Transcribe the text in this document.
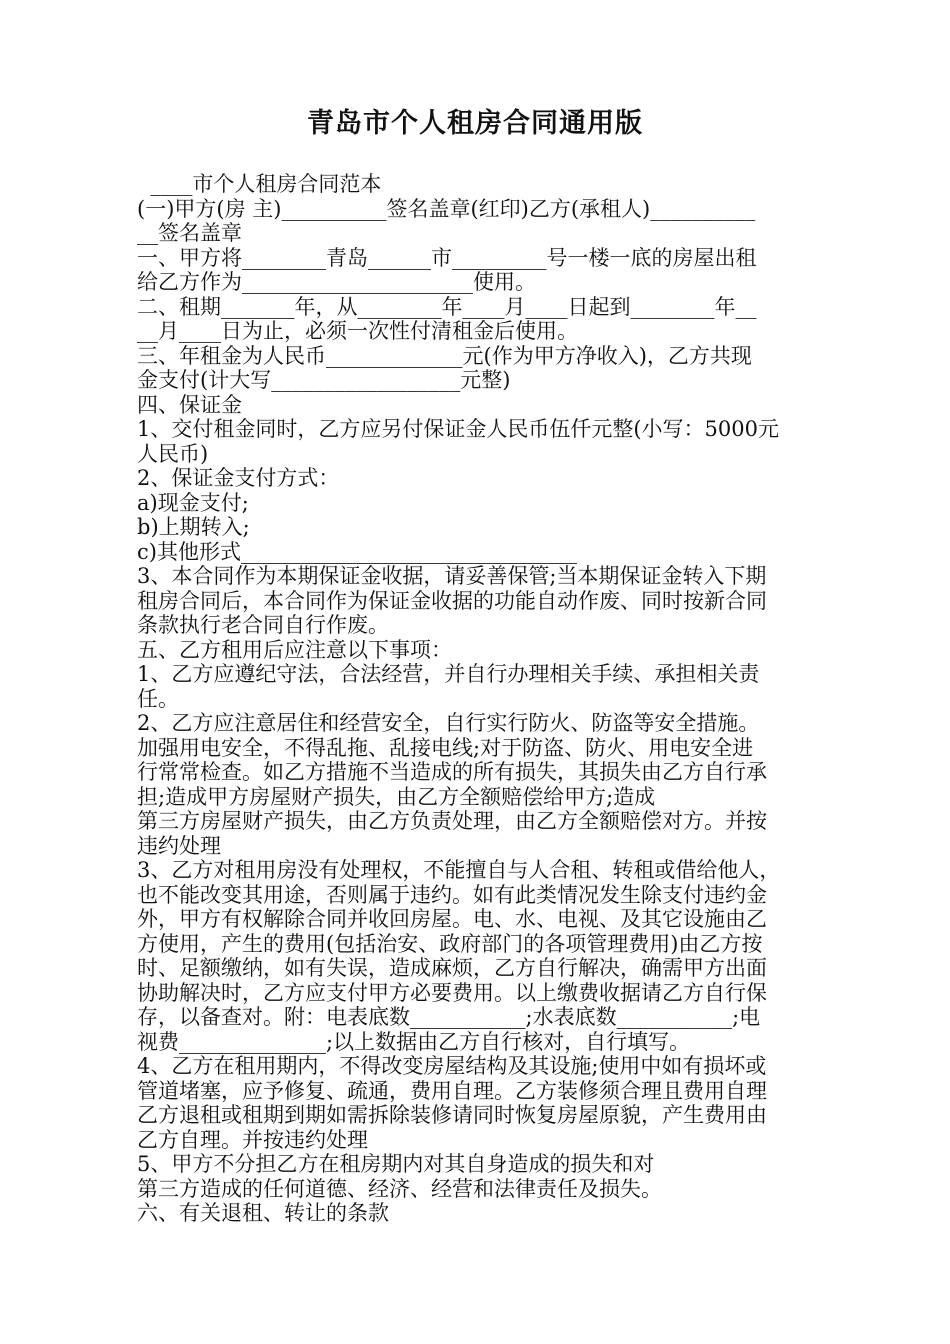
青岛市个人租房合同通用版
____市个人租房合同范本
(一)甲方(房 主)__________签名盖章(红印)乙方(承租人)__________
__签名盖章
一、甲方将________青岛______市_________号一楼一底的房屋出租
给乙方作为______________________使用。
二、租期_______年，从________年____月____日起到________年__
__月____日为止，必须一次性付清租金后使用。
三、年租金为人民币_____________元(作为甲方净收入)，乙方共现
金支付(计大写__________________元整)
四、保证金
1、交付租金同时，乙方应另付保证金人民币伍仟元整(小写：5000元
人民币)
2、保证金支付方式：
a)现金支付;
b)上期转入;
c)其他形式________________________________
3、本合同作为本期保证金收据，请妥善保管;当本期保证金转入下期
租房合同后，本合同作为保证金收据的功能自动作废、同时按新合同
条款执行老合同自行作废。
五、乙方租用后应注意以下事项：
1、乙方应遵纪守法，合法经营，并自行办理相关手续、承担相关责
任。
2、乙方应注意居住和经营安全，自行实行防火、防盗等安全措施。
加强用电安全，不得乱拖、乱接电线;对于防盗、防火、用电安全进
行常常检查。如乙方措施不当造成的所有损失，其损失由乙方自行承
担;造成甲方房屋财产损失，由乙方全额赔偿给甲方;造成
第三方房屋财产损失，由乙方负责处理，由乙方全额赔偿对方。并按
违约处理
3、乙方对租用房没有处理权，不能擅自与人合租、转租或借给他人，
也不能改变其用途，否则属于违约。如有此类情况发生除支付违约金
外，甲方有权解除合同并收回房屋。电、水、电视、及其它设施由乙
方使用，产生的费用(包括治安、政府部门的各项管理费用)由乙方按
时、足额缴纳，如有失误，造成麻烦，乙方自行解决，确需甲方出面
协助解决时，乙方应支付甲方必要费用。以上缴费收据请乙方自行保
存，以备查对。附：电表底数___________;水表底数___________;电
视费______________;以上数据由乙方自行核对，自行填写。
4、乙方在租用期内，不得改变房屋结构及其设施;使用中如有损坏或
管道堵塞，应予修复、疏通，费用自理。乙方装修须合理且费用自理
乙方退租或租期到期如需拆除装修请同时恢复房屋原貌，产生费用由
乙方自理。并按违约处理
5、甲方不分担乙方在租房期内对其自身造成的损失和对
第三方造成的任何道德、经济、经营和法律责任及损失。
六、有关退租、转让的条款
